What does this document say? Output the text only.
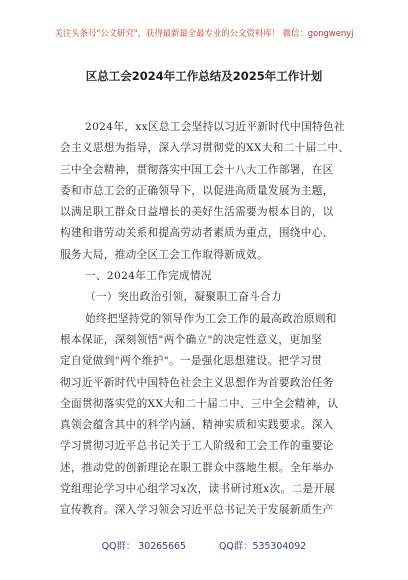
关注头条号"公文研究"，获得最新最全最专业的公文资料库！ 微信：gongwenyj
区总工会2024年工作总结及2025年工作计划
2024年，xx区总工会坚持以习近平新时代中国特色社
会主义思想为指导，深入学习贯彻党的XX大和二十届二中、
三中全会精神，贯彻落实中国工会十八大工作部署，在区
委和市总工会的正确领导下，以促进高质量发展为主题，
以满足职工群众日益增长的美好生活需要为根本目的，以
构建和谐劳动关系和提高劳动者素质为重点，围绕中心、
服务大局，推动全区工会工作取得新成效。
一、2024年工作完成情况
（一）突出政治引领，凝聚职工奋斗合力
始终把坚持党的领导作为工会工作的最高政治原则和
根本保证，深刻领悟"两个确立"的决定性意义，更加坚
定自觉做到"两个维护"。一是强化思想建设。把学习贯
彻习近平新时代中国特色社会主义思想作为首要政治任务
全面贯彻落实党的XX大和二十届二中、三中全会精神，认
真领会蕴含其中的科学内涵、精神实质和实践要求。深入
学习贯彻习近平总书记关于工人阶级和工会工作的重要论
述，推动党的创新理论在职工群众中落地生根。全年举办
党组理论学习中心组学习x次，读书研讨班x次。二是开展
宣传教育。深入学习领会习近平总书记关于发展新质生产
QQ群： 30265665	QQ群：535304092
